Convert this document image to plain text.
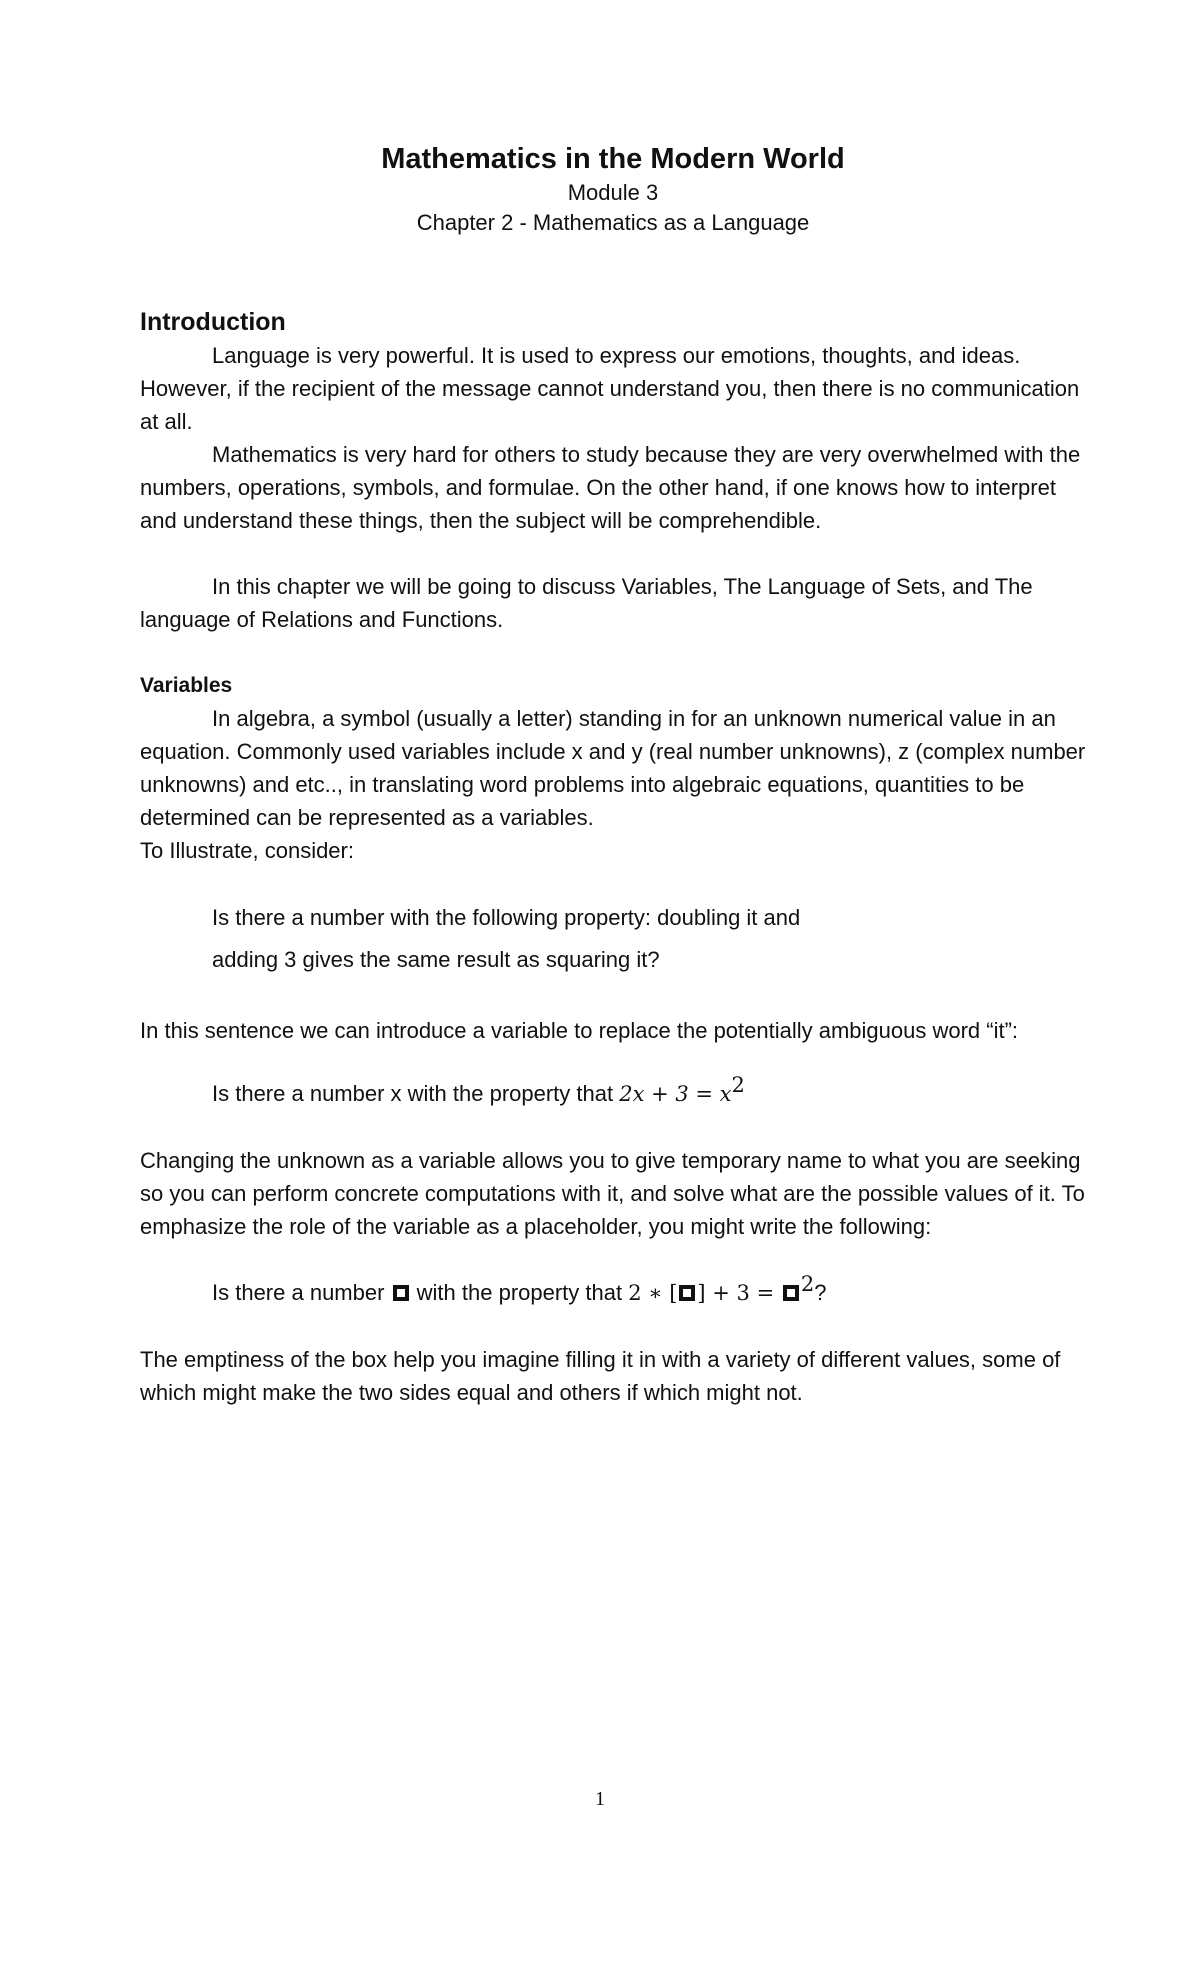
Mathematics in the Modern World

Module 3

Chapter 2 - Mathematics as a Language

Introduction

Language is very powerful. It is used to express our emotions, thoughts, and ideas. However, if the recipient of the message cannot understand you, then there is no communication at all.

Mathematics is very hard for others to study because they are very overwhelmed with the numbers, operations, symbols, and formulae. On the other hand, if one knows how to interpret and understand these things, then the subject will be comprehendible.

In this chapter we will be going to discuss Variables, The Language of Sets, and The language of Relations and Functions.

Variables

In algebra, a symbol (usually a letter) standing in for an unknown numerical value in an equation. Commonly used variables include x and y (real number unknowns), z (complex number unknowns) and etc.., in translating word problems into algebraic equations, quantities to be determined can be represented as a variables.

To Illustrate, consider:

Is there a number with the following property: doubling it and

adding 3 gives the same result as squaring it?

In this sentence we can introduce a variable to replace the potentially ambiguous word “it”:

Is there a number x with the property that $2x + 3 = x^2$

Changing the unknown as a variable allows you to give temporary name to what you are seeking so you can perform concrete computations with it, and solve what are the possible values of it. To emphasize the role of the variable as a placeholder, you might write the following:

Is there a number  with the property that 2 ∗ [ ] + 3 = $^2$?

The emptiness of the box help you imagine filling it in with a variety of different values, some of which might make the two sides equal and others if which might not.

1
